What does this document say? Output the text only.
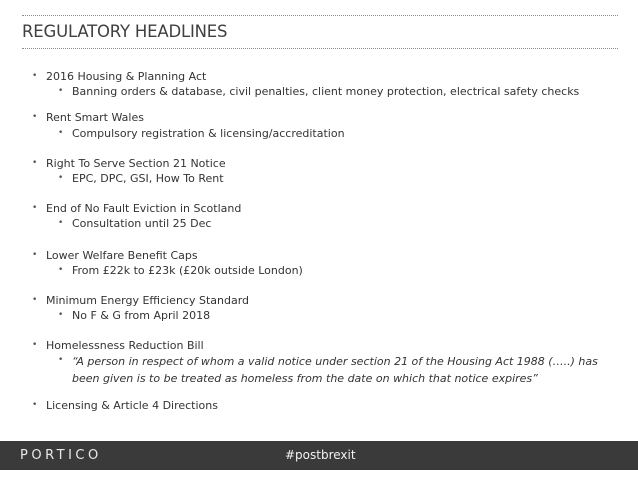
REGULATORY HEADLINES
• 2016 Housing & Planning Act
• Banning orders & database, civil penalties, client money protection, electrical safety checks
• Rent Smart Wales
• Compulsory registration & licensing/accreditation
• Right To Serve Section 21 Notice
• EPC, DPC, GSI, How To Rent
• End of No Fault Eviction in Scotland
• Consultation until 25 Dec
• Lower Welfare Benefit Caps
• From £22k to £23k (£20k outside London)
• Minimum Energy Efficiency Standard
• No F & G from April 2018
• Homelessness Reduction Bill
• “A person in respect of whom a valid notice under section 21 of the Housing Act 1988 (…..) has been given is to be treated as homeless from the date on which that notice expires”
• Licensing & Article 4 Directions
PORTICO	#postbrexit
